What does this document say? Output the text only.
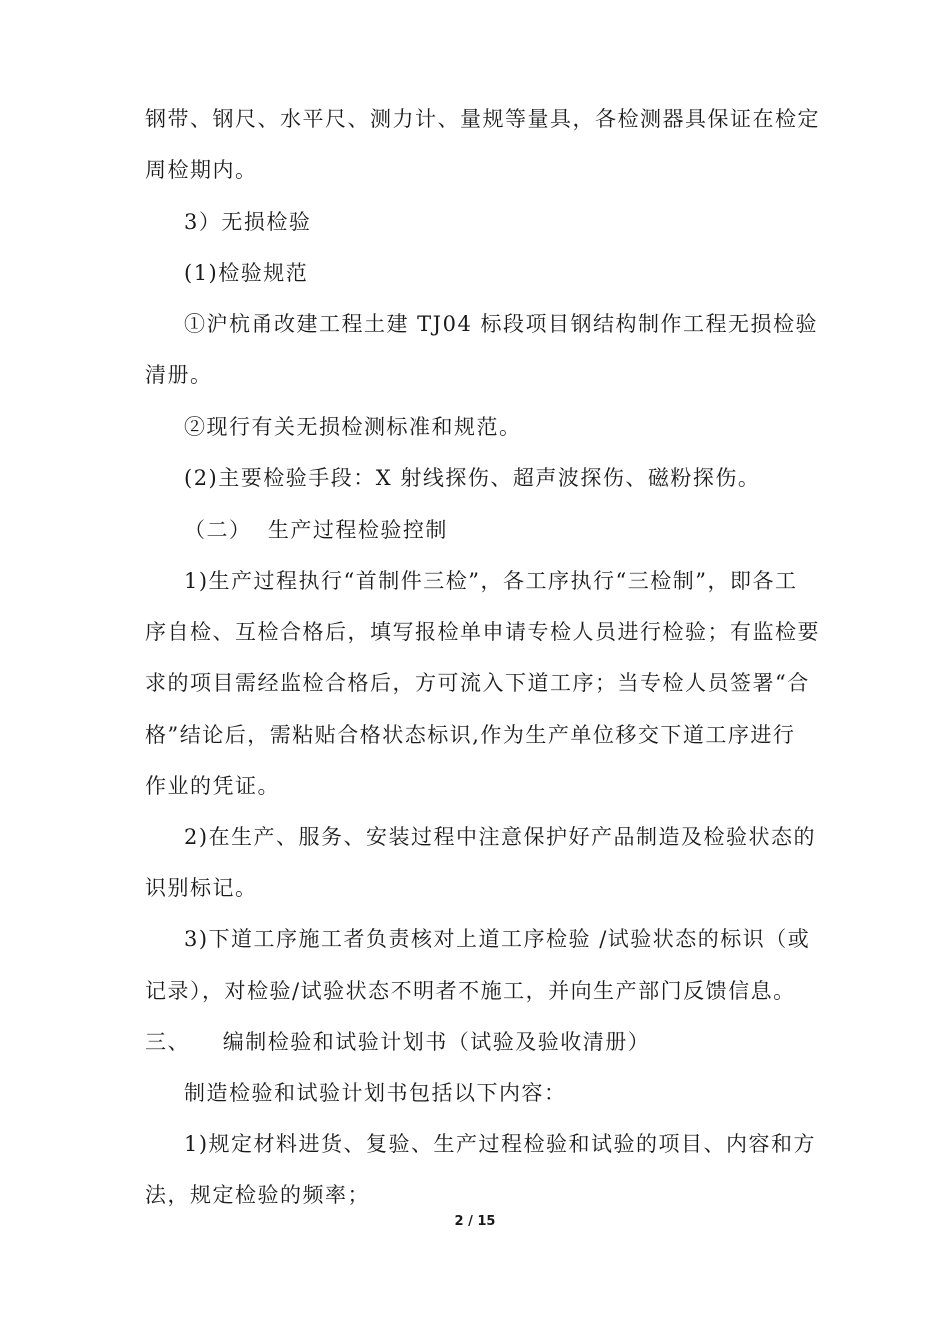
钢带、钢尺、水平尺、测力计、量规等量具，各检测器具保证在检定
周检期内。
3）无损检验
(1)检验规范
①沪杭甬改建工程土建 TJ04 标段项目钢结构制作工程无损检验
清册。
②现行有关无损检测标准和规范。
(2)主要检验手段：X 射线探伤、超声波探伤、磁粉探伤。
（二）  生产过程检验控制
1)生产过程执行“首制件三检”，各工序执行“三检制”，即各工
序自检、互检合格后，填写报检单申请专检人员进行检验；有监检要
求的项目需经监检合格后，方可流入下道工序；当专检人员签署“合
格”结论后，需粘贴合格状态标识,作为生产单位移交下道工序进行
作业的凭证。
2)在生产、服务、安装过程中注意保护好产品制造及检验状态的
识别标记。
3)下道工序施工者负责核对上道工序检验 /试验状态的标识（或
记录），对检验/试验状态不明者不施工，并向生产部门反馈信息。
三、    编制检验和试验计划书（试验及验收清册）
制造检验和试验计划书包括以下内容：
1)规定材料进货、复验、生产过程检验和试验的项目、内容和方
法，规定检验的频率；
2 / 15
